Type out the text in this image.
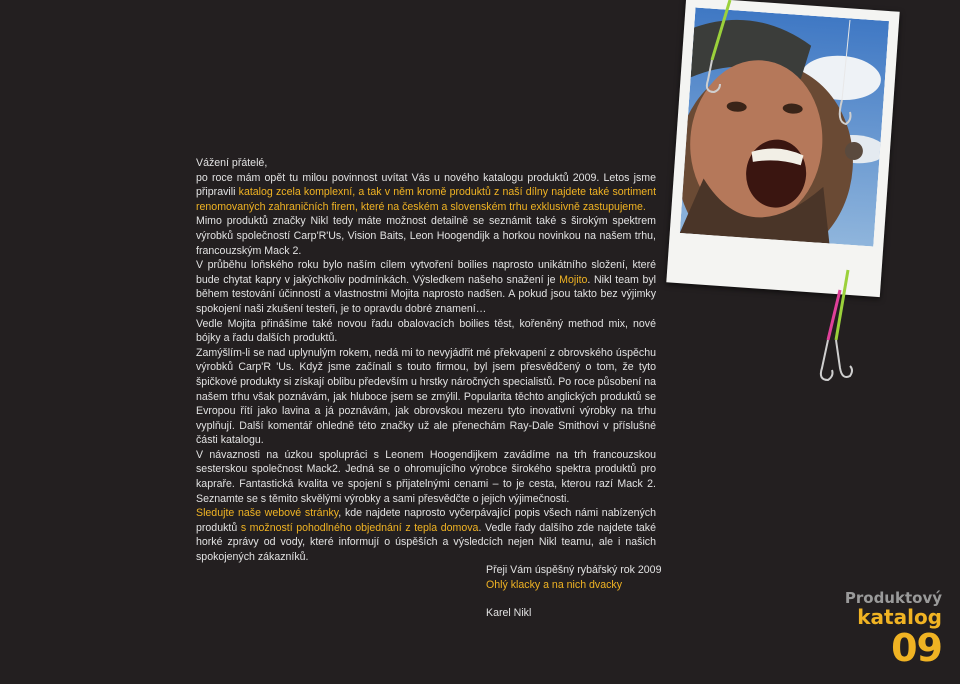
Vážení přátelé,

po roce mám opět tu milou povinnost uvítat Vás u nového katalogu produktů 2009. Letos jsme připravili katalog zcela komplexní, a tak v něm kromě produktů z naší dílny najdete také sortiment renomovaných zahraničních firem, které na českém a slovenském trhu exklusivně zastupujeme.

Mimo produktů značky Nikl tedy máte možnost detailně se seznámit také s širokým spektrem výrobků společností Carp'R'Us, Vision Baits, Leon Hoogendijk a horkou novinkou na našem trhu, francouzským Mack 2.

V průběhu loňského roku bylo naším cílem vytvoření boilies naprosto unikátního složení, které bude chytat kapry v jakýchkoliv podmínkách. Výsledkem našeho snažení je Mojito. Nikl team byl během testování účinností a vlastnostmi Mojita naprosto nadšen. A pokud jsou takto bez výjimky spokojení naši zkušení testeři, je to opravdu dobré znamení…

Vedle Mojita přinášíme také novou řadu obalovacích boilies těst, kořeněný method mix, nové bójky a řadu dalších produktů.

Zamýšlím-li se nad uplynulým rokem, nedá mi to nevyjádřit mé překvapení z obrovského úspěchu výrobků Carp'R 'Us. Když jsme začínali s touto firmou, byl jsem přesvědčený o tom, že tyto špičkové produkty si získají oblibu především u hrstky náročných specialistů. Po roce působení na našem trhu však poznávám, jak hluboce jsem se zmýlil. Popularita těchto anglických produktů se Evropou řítí jako lavina a já poznávám, jak obrovskou mezeru tyto inovativní výrobky na trhu vyplňují. Další komentář ohledně této značky už ale přenechám Ray-Dale Smithovi v příslušné části katalogu.

V návaznosti na úzkou spolupráci s Leonem Hoogendijkem zavádíme na trh francouzskou sesterskou společnost Mack2. Jedná se o ohromujícího výrobce širokého spektra produktů pro kapraře. Fantastická kvalita ve spojení s přijatelnými cenami – to je cesta, kterou razí Mack 2. Seznamte se s těmito skvělými výrobky a sami přesvědčte o jejich výjimečnosti.

Sledujte naše webové stránky, kde najdete naprosto vyčerpávající popis všech námi nabízených produktů s možností pohodlného objednání z tepla domova. Vedle řady dalšího zde najdete také horké zprávy od vody, které informují o úspěších a výsledcích nejen Nikl teamu, ale i našich spokojených zákazníků.

Přeji Vám úspěšný rybářský rok 2009
Ohlý klacky a na nich dvacky
Karel Nikl
Produktový
katalog
09
